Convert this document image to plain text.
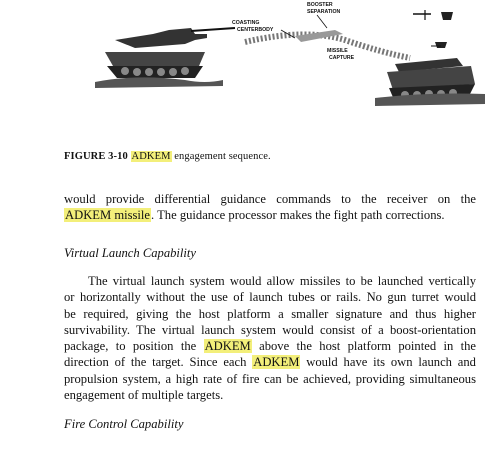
BOOSTER
SEPARATION
COASTING
CENTERBODY
MISSILE
CAPTURE
FIGURE 3-10 ADKEM engagement sequence.
would provide differential guidance commands to the receiver on the
ADKEM missile. The guidance processor makes the fight path corrections.
Virtual Launch Capability
The virtual launch system would allow missiles to be launched vertically
or horizontally without the use of launch tubes or rails. No gun turret would
be required, giving the host platform a smaller signature and thus higher
survivability. The virtual launch system would consist of a boost-orientation
package, to position the ADKEM above the host platform pointed in the
direction of the target. Since each ADKEM would have its own launch and
propulsion system, a high rate of fire can be achieved, providing simultaneous
engagement of multiple targets.
Fire Control Capability
